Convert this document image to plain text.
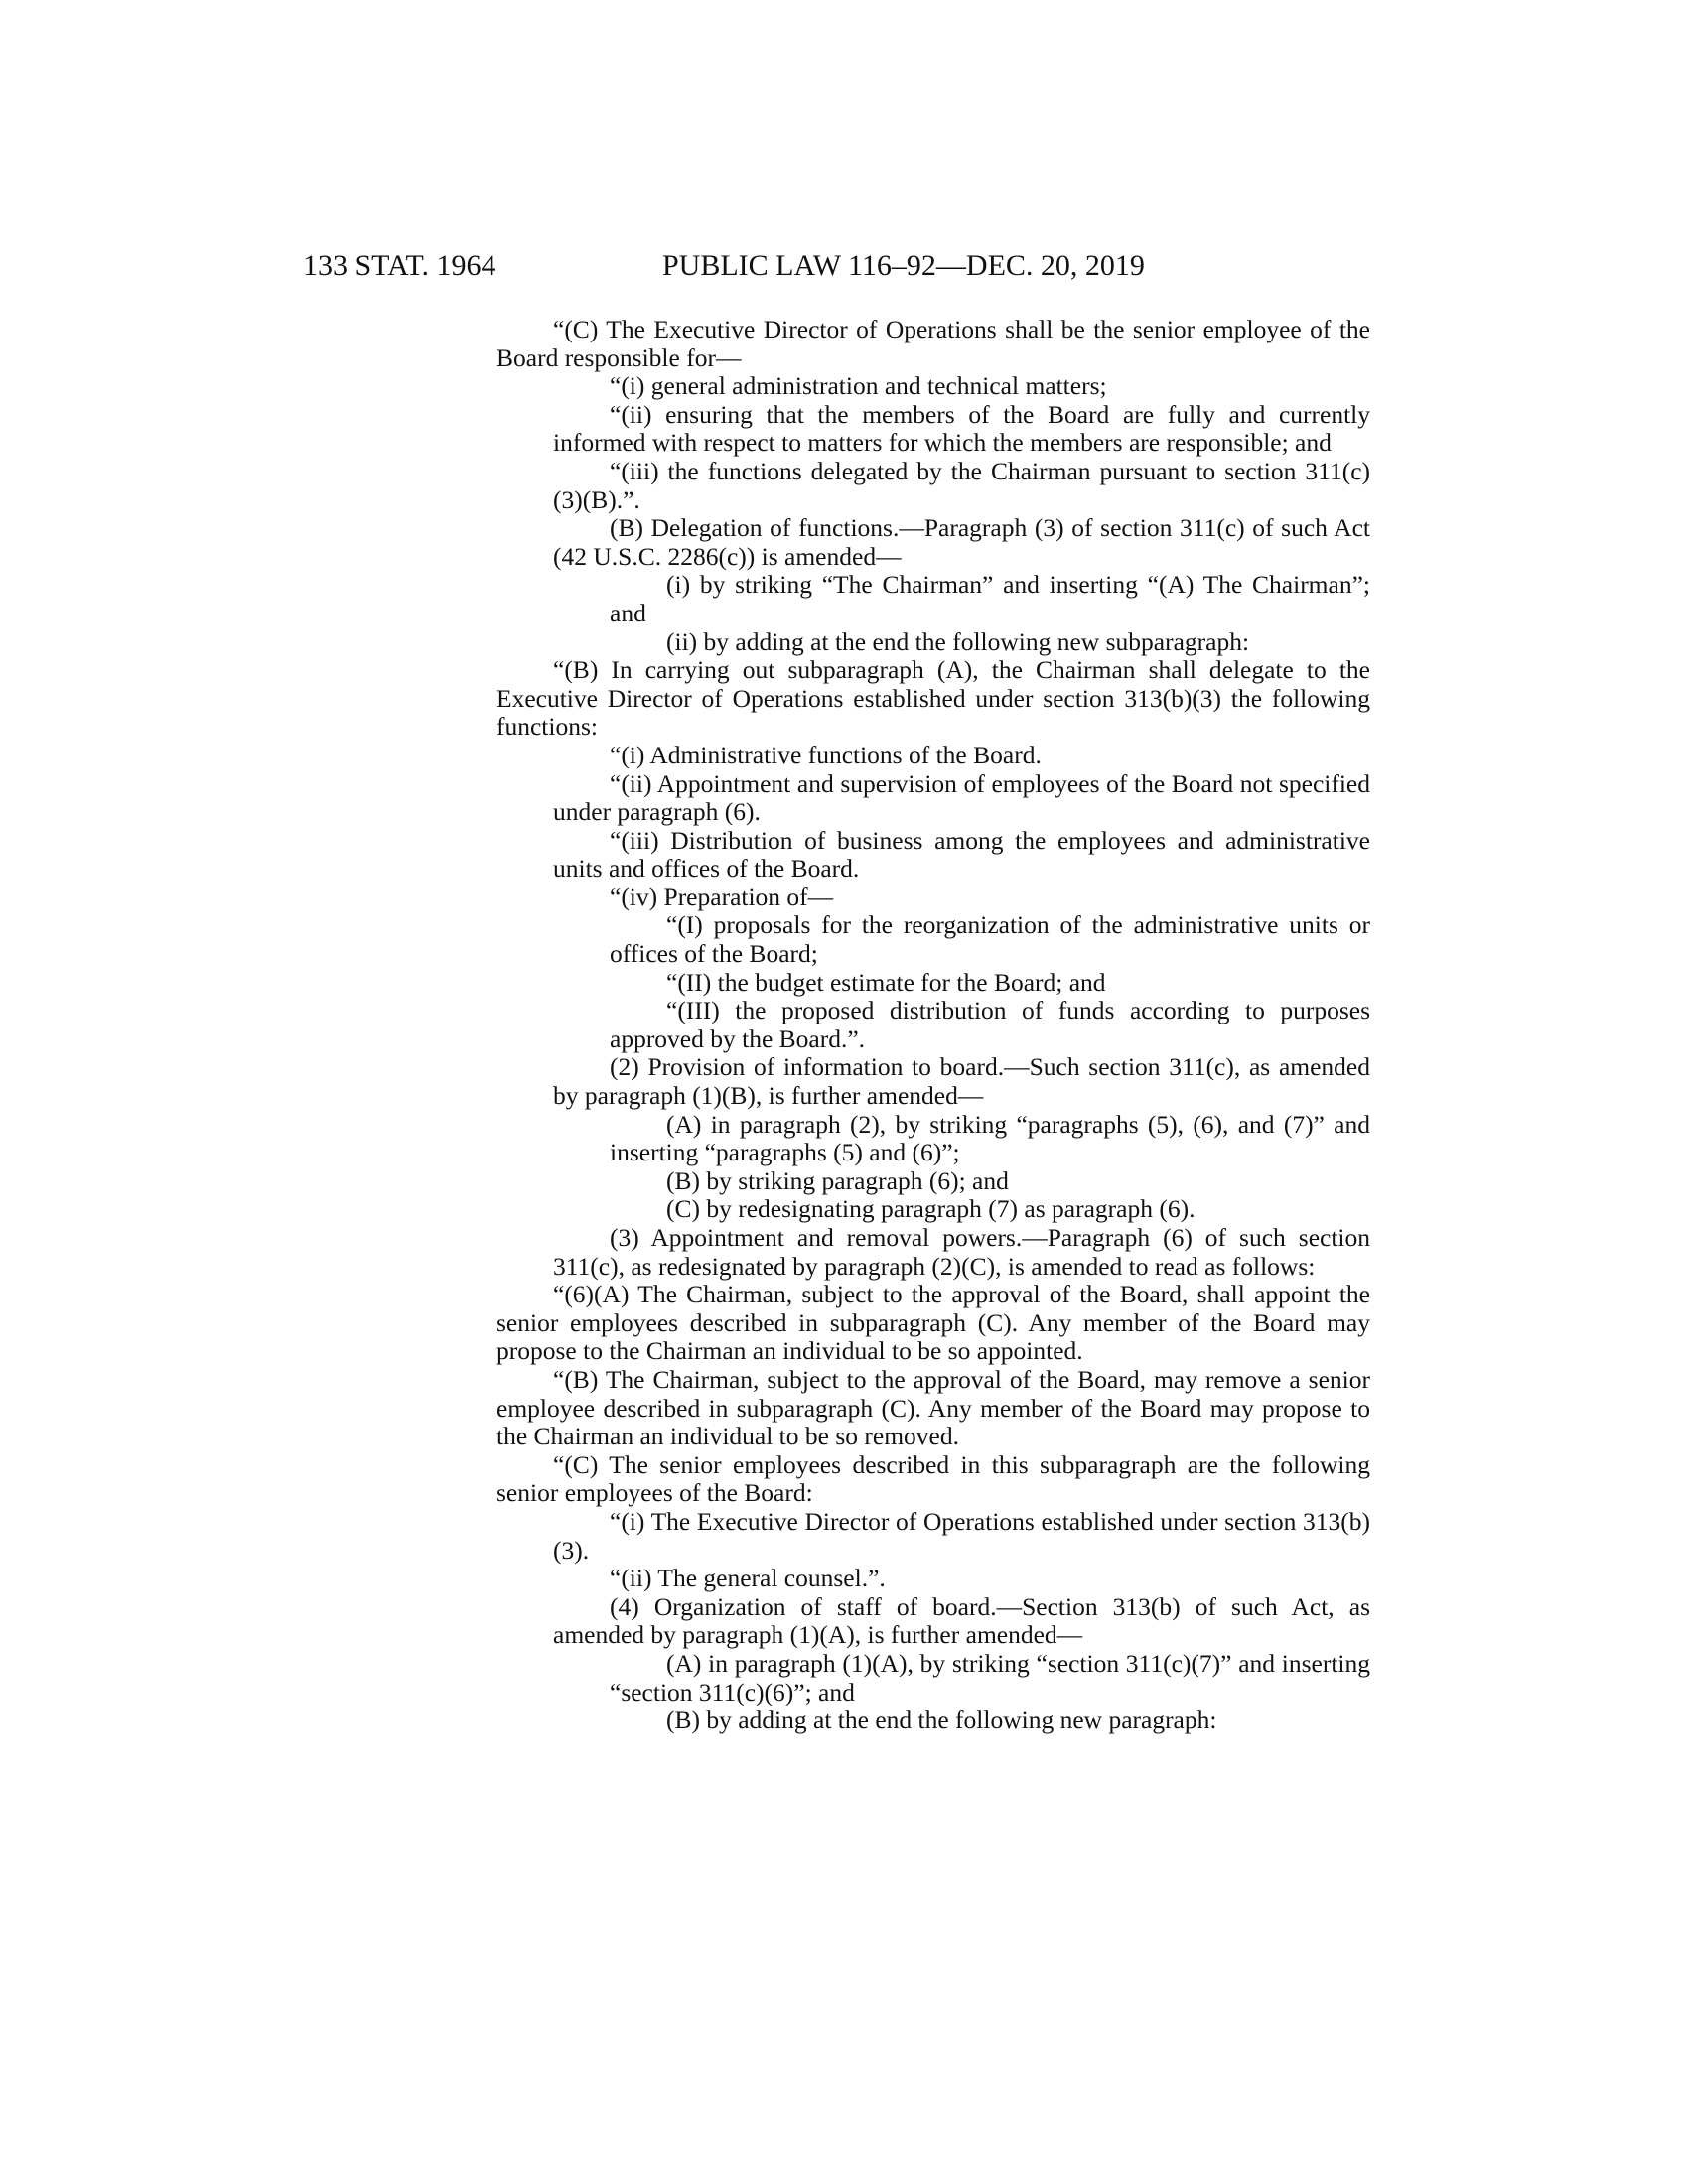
133 STAT. 1964	PUBLIC LAW 116–92—DEC. 20, 2019
“(C) The Executive Director of Operations shall be the senior employee of the Board responsible for—
“(i) general administration and technical matters;
“(ii) ensuring that the members of the Board are fully and currently informed with respect to matters for which the members are responsible; and
“(iii) the functions delegated by the Chairman pursuant to section 311(c)(3)(B).”.
(B) Delegation of functions.—Paragraph (3) of section 311(c) of such Act (42 U.S.C. 2286(c)) is amended—
(i) by striking “The Chairman” and inserting “(A) The Chairman”; and
(ii) by adding at the end the following new subparagraph:
“(B) In carrying out subparagraph (A), the Chairman shall delegate to the Executive Director of Operations established under section 313(b)(3) the following functions:
“(i) Administrative functions of the Board.
“(ii) Appointment and supervision of employees of the Board not specified under paragraph (6).
“(iii) Distribution of business among the employees and administrative units and offices of the Board.
“(iv) Preparation of—
“(I) proposals for the reorganization of the administrative units or offices of the Board;
“(II) the budget estimate for the Board; and
“(III) the proposed distribution of funds according to purposes approved by the Board.”.
(2) Provision of information to board.—Such section 311(c), as amended by paragraph (1)(B), is further amended—
(A) in paragraph (2), by striking “paragraphs (5), (6), and (7)” and inserting “paragraphs (5) and (6)”;
(B) by striking paragraph (6); and
(C) by redesignating paragraph (7) as paragraph (6).
(3) Appointment and removal powers.—Paragraph (6) of such section 311(c), as redesignated by paragraph (2)(C), is amended to read as follows:
“(6)(A) The Chairman, subject to the approval of the Board, shall appoint the senior employees described in subparagraph (C). Any member of the Board may propose to the Chairman an individual to be so appointed.
“(B) The Chairman, subject to the approval of the Board, may remove a senior employee described in subparagraph (C). Any member of the Board may propose to the Chairman an individual to be so removed.
“(C) The senior employees described in this subparagraph are the following senior employees of the Board:
“(i) The Executive Director of Operations established under section 313(b)(3).
“(ii) The general counsel.”.
(4) Organization of staff of board.—Section 313(b) of such Act, as amended by paragraph (1)(A), is further amended—
(A) in paragraph (1)(A), by striking “section 311(c)(7)” and inserting “section 311(c)(6)”; and
(B) by adding at the end the following new paragraph:
